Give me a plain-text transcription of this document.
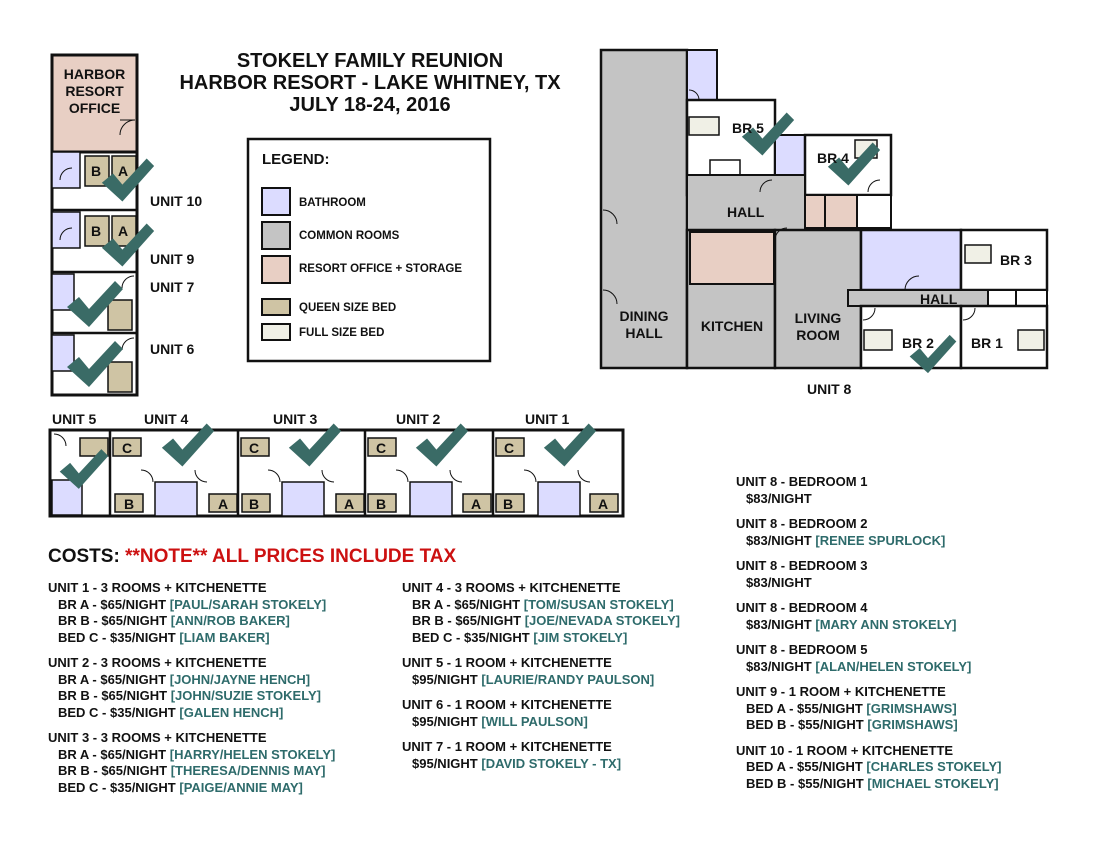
STOKELY FAMILY REUNION
HARBOR RESORT - LAKE WHITNEY, TX
JULY 18-24, 2016
LEGEND:
BATHROOM
COMMON ROOMS
RESORT OFFICE + STORAGE
QUEEN SIZE BED
FULL SIZE BED
HARBOR
RESORT
OFFICE
B A
B A
UNIT 10
UNIT 9
UNIT 7
UNIT 6
UNIT 5	UNIT 4	UNIT 3	UNIT 2	UNIT 1
C
B	A
C
B	A
C
B	A
C
B	A
BR 5
BR 4
HALL
BR 3
HALL
BR 2	BR 1
DINING
HALL	KITCHEN	LIVING
ROOM
UNIT 8
COSTS: **NOTE** ALL PRICES INCLUDE TAX
UNIT 1 - 3 ROOMS + KITCHENETTE
BR A - $65/NIGHT [PAUL/SARAH STOKELY]
BR B - $65/NIGHT [ANN/ROB BAKER]
BED C - $35/NIGHT [LIAM BAKER]
UNIT 2 - 3 ROOMS + KITCHENETTE
BR A - $65/NIGHT [JOHN/JAYNE HENCH]
BR B - $65/NIGHT [JOHN/SUZIE STOKELY]
BED C - $35/NIGHT [GALEN HENCH]
UNIT 3 - 3 ROOMS + KITCHENETTE
BR A - $65/NIGHT [HARRY/HELEN STOKELY]
BR B - $65/NIGHT [THERESA/DENNIS MAY]
BED C - $35/NIGHT [PAIGE/ANNIE MAY]
UNIT 4 - 3 ROOMS + KITCHENETTE
BR A - $65/NIGHT [TOM/SUSAN STOKELY]
BR B - $65/NIGHT [JOE/NEVADA STOKELY]
BED C - $35/NIGHT [JIM STOKELY]
UNIT 5 - 1 ROOM + KITCHENETTE
$95/NIGHT [LAURIE/RANDY PAULSON]
UNIT 6 - 1 ROOM + KITCHENETTE
$95/NIGHT [WILL PAULSON]
UNIT 7 - 1 ROOM + KITCHENETTE
$95/NIGHT [DAVID STOKELY - TX]
UNIT 8 - BEDROOM 1
$83/NIGHT
UNIT 8 - BEDROOM 2
$83/NIGHT [RENEE SPURLOCK]
UNIT 8 - BEDROOM 3
$83/NIGHT
UNIT 8 - BEDROOM 4
$83/NIGHT [MARY ANN STOKELY]
UNIT 8 - BEDROOM 5
$83/NIGHT [ALAN/HELEN STOKELY]
UNIT 9 - 1 ROOM + KITCHENETTE
BED A - $55/NIGHT [GRIMSHAWS]
BED B - $55/NIGHT [GRIMSHAWS]
UNIT 10 - 1 ROOM + KITCHENETTE
BED A - $55/NIGHT [CHARLES STOKELY]
BED B - $55/NIGHT [MICHAEL STOKELY]
